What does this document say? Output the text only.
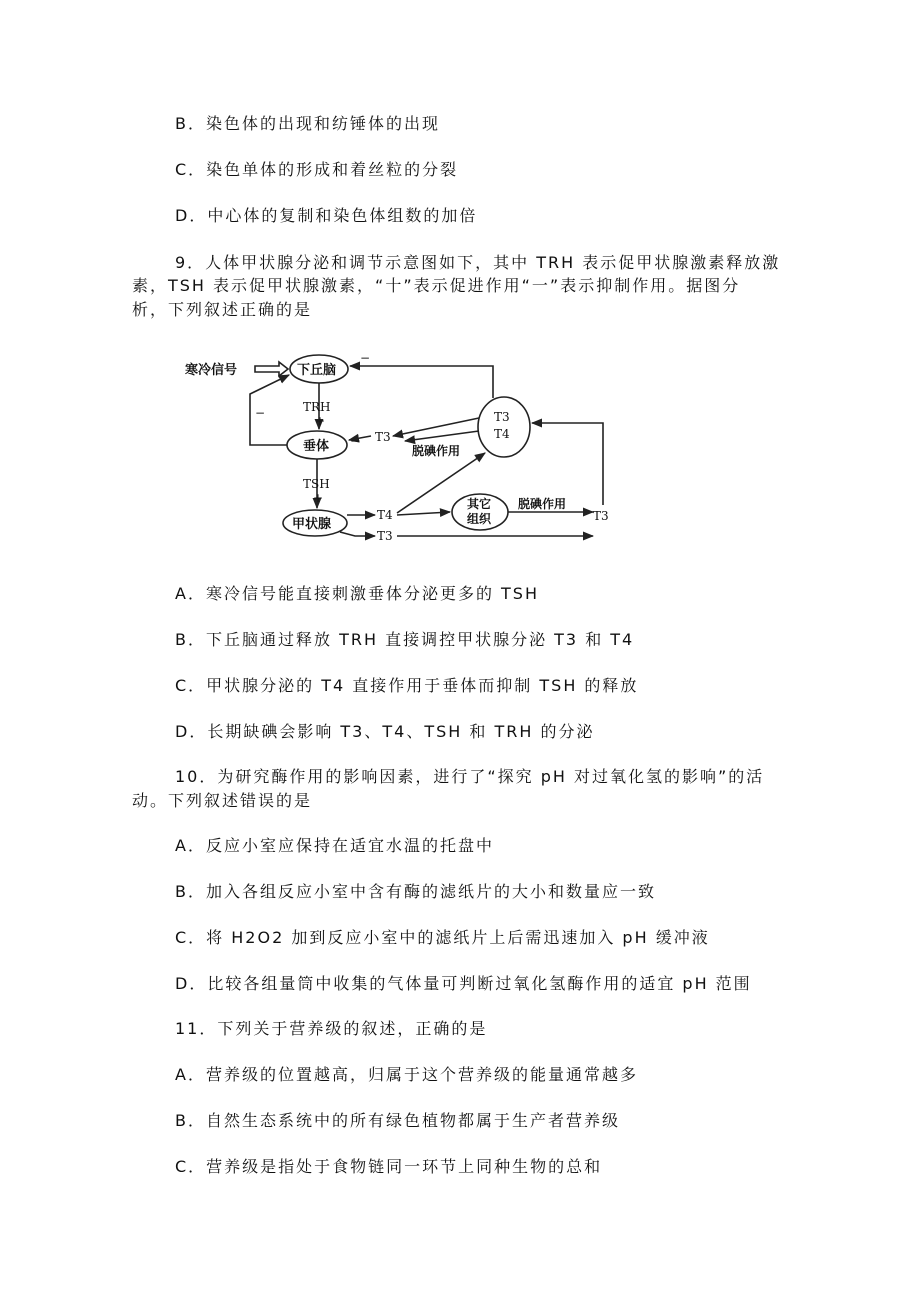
B．染色体的出现和纺锤体的出现
C．染色单体的形成和着丝粒的分裂
D．中心体的复制和染色体组数的加倍
9．人体甲状腺分泌和调节示意图如下，其中 TRH 表示促甲状腺激素释放激
素，TSH 表示促甲状腺激素，“十”表示促进作用“一”表示抑制作用。据图分
析，下列叙述正确的是
寒冷信号	下丘脑
TRH
+
垂体
TSH
+
甲状腺
−
−
− T3
脱碘作用
T3
T4
T4
T3
其它
组织
脱碘作用
T3
A．寒冷信号能直接刺激垂体分泌更多的 TSH
B．下丘脑通过释放 TRH 直接调控甲状腺分泌 T3 和 T4
C．甲状腺分泌的 T4 直接作用于垂体而抑制 TSH 的释放
D．长期缺碘会影响 T3、T4、TSH 和 TRH 的分泌
10．为研究酶作用的影响因素，进行了“探究 pH 对过氧化氢的影响”的活
动。下列叙述错误的是
A．反应小室应保持在适宜水温的托盘中
B．加入各组反应小室中含有酶的滤纸片的大小和数量应一致
C．将 H2O2 加到反应小室中的滤纸片上后需迅速加入 pH 缓冲液
D．比较各组量筒中收集的气体量可判断过氧化氢酶作用的适宜 pH 范围
11．下列关于营养级的叙述，正确的是
A．营养级的位置越高，归属于这个营养级的能量通常越多
B．自然生态系统中的所有绿色植物都属于生产者营养级
C．营养级是指处于食物链同一环节上同种生物的总和
